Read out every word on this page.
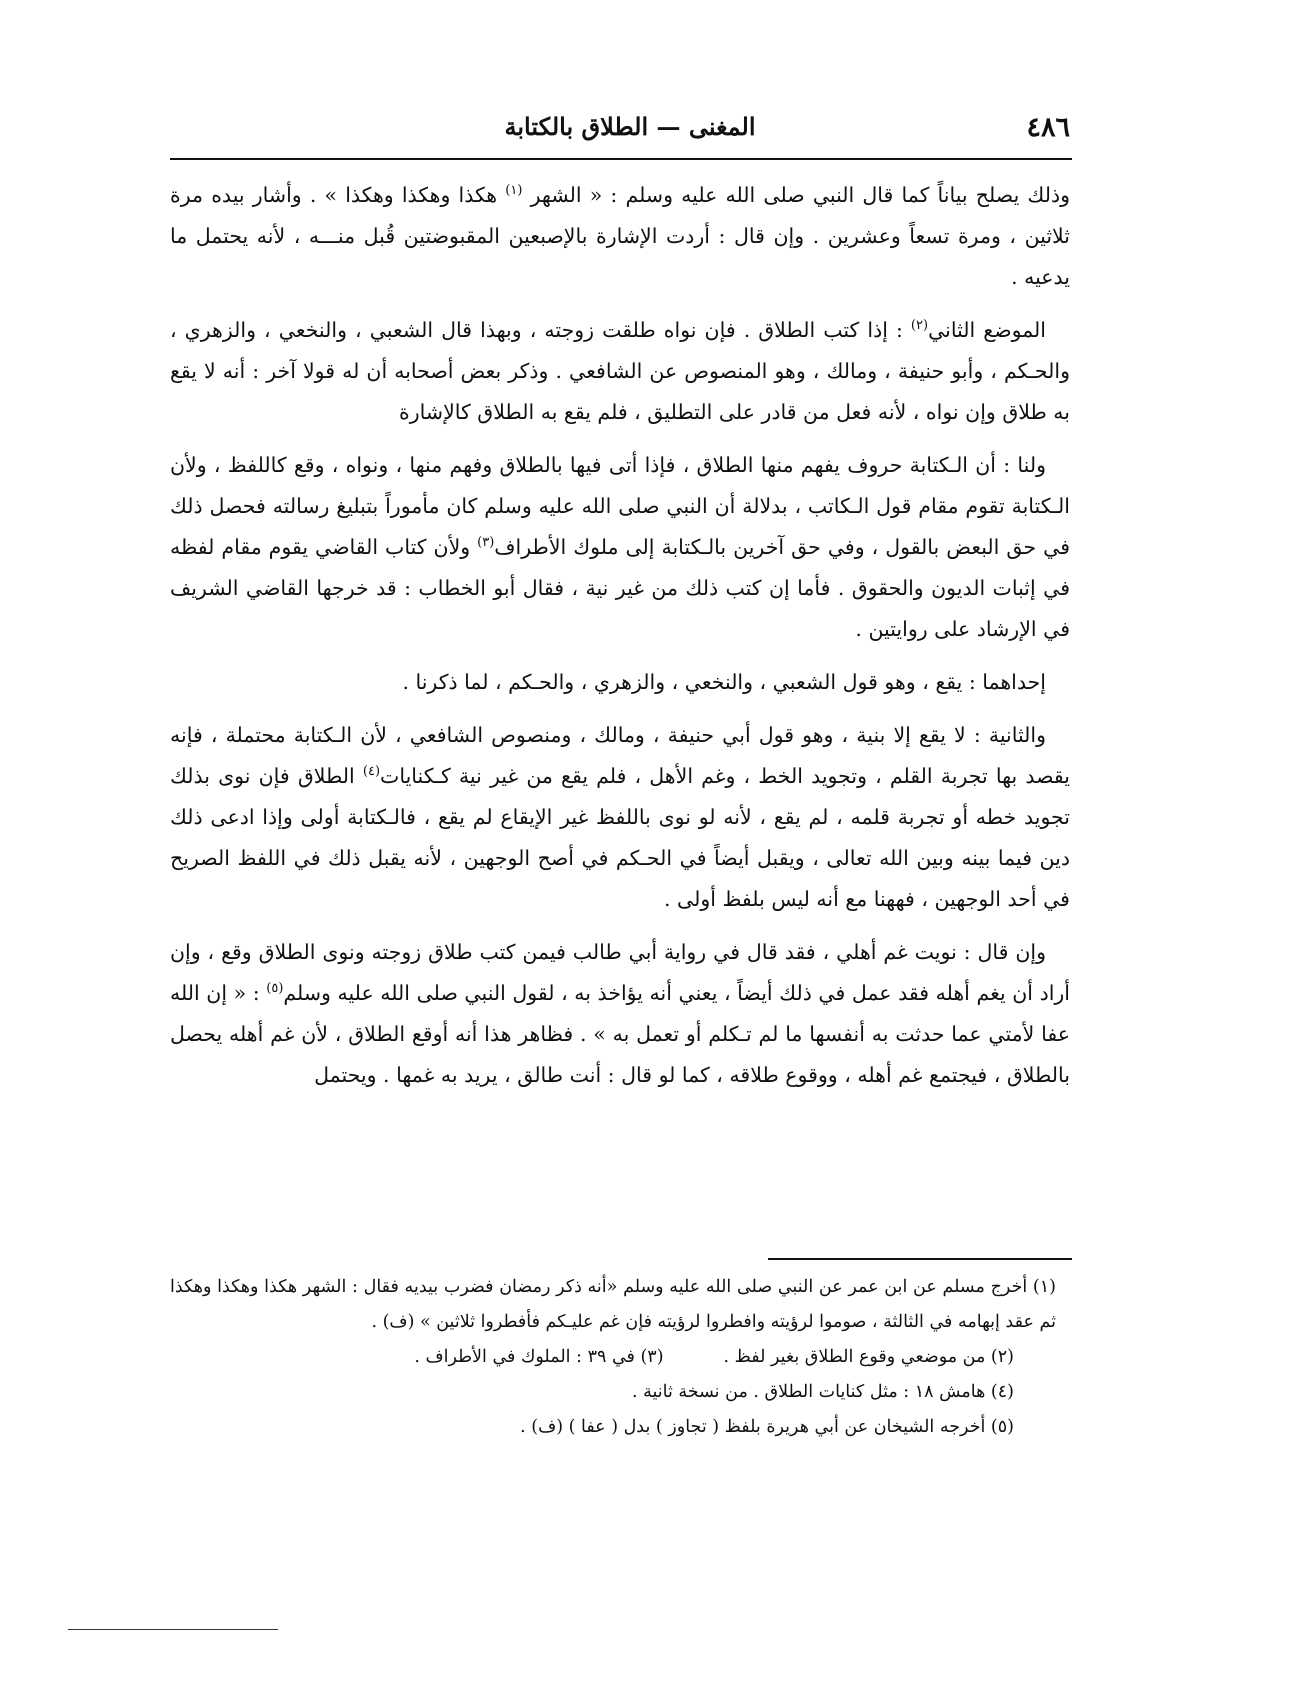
٤٨٦
المغنى — الطلاق بالكتابة

وذلك يصلح بياناً كما قال النبي صلى الله عليه وسلم : « الشهر $^{(١)}$ هكذا وهكذا وهكذا » . وأشار بيده مرة ثلاثين ، ومرة تسعاً وعشرين . وإن قال : أردت الإشارة بالإصبعين المقبوضتين قُبل منـــه ، لأنه يحتمل ما يدعيه .

الموضع الثاني$^{(٢)}$ : إذا كتب الطلاق . فإن نواه طلقت زوجته ، وبهذا قال الشعبي ، والنخعي ، والزهري ، والحـكم ، وأبو حنيفة ، ومالك ، وهو المنصوص عن الشافعي . وذكر بعض أصحابه أن له قولا آخر : أنه لا يقع به طلاق وإن نواه ، لأنه فعل من قادر على التطليق ، فلم يقع به الطلاق كالإشارة

ولنا : أن الـكتابة حروف يفهم منها الطلاق ، فإذا أتى فيها بالطلاق وفهم منها ، ونواه ، وقع كاللفظ ، ولأن الـكتابة تقوم مقام قول الـكاتب ، بدلالة أن النبي صلى الله عليه وسلم كان مأموراً بتبليغ رسالته فحصل ذلك في حق البعض بالقول ، وفي حق آخرين بالـكتابة إلى ملوك الأطراف$^{(٣)}$ ولأن كتاب القاضي يقوم مقام لفظه في إثبات الديون والحقوق . فأما إن كتب ذلك من غير نية ، فقال أبو الخطاب : قد خرجها القاضي الشريف في الإرشاد على روايتين .

إحداهما : يقع ، وهو قول الشعبي ، والنخعي ، والزهري ، والحـكم ، لما ذكرنا .

والثانية : لا يقع إلا بنية ، وهو قول أبي حنيفة ، ومالك ، ومنصوص الشافعي ، لأن الـكتابة محتملة ، فإنه يقصد بها تجربة القلم ، وتجويد الخط ، وغم الأهل ، فلم يقع من غير نية كـكنايات$^{(٤)}$ الطلاق فإن نوى بذلك تجويد خطه أو تجربة قلمه ، لم يقع ، لأنه لو نوى باللفظ غير الإيقاع لم يقع ، فالـكتابة أولى وإذا ادعى ذلك دين فيما بينه وبين الله تعالى ، ويقبل أيضاً في الحـكم في أصح الوجهين ، لأنه يقبل ذلك في اللفظ الصريح في أحد الوجهين ، فههنا مع أنه ليس بلفظ أولى .

وإن قال : نويت غم أهلي ، فقد قال في رواية أبي طالب فيمن كتب طلاق زوجته ونوى الطلاق وقع ، وإن أراد أن يغم أهله فقد عمل في ذلك أيضاً ، يعني أنه يؤاخذ به ، لقول النبي صلى الله عليه وسلم$^{(٥)}$ : « إن الله عفا لأمتي عما حدثت به أنفسها ما لم تـكلم أو تعمل به » . فظاهر هذا أنه أوقع الطلاق ، لأن غم أهله يحصل بالطلاق ، فيجتمع غم أهله ، ووقوع طلاقه ، كما لو قال : أنت طالق ، يريد به غمها . ويحتمل

(١) أخرج مسلم عن ابن عمر عن النبي صلى الله عليه وسلم «أنه ذكر رمضان فضرب بيديه فقال : الشهر هكذا وهكذا وهكذا ثم عقد إبهامه في الثالثة ، صوموا لرؤيته وافطروا لرؤيته فإن غم عليـكم فأفطروا ثلاثين » (ف) .

(٢) من موضعي وقوع الطلاق بغير لفظ .(٣) في ٣٩ : الملوك في الأطراف .

(٤) هامش ١٨ : مثل كنايات الطلاق . من نسخة ثانية .

(٥) أخرجه الشيخان عن أبي هريرة بلفظ ( تجاوز ) بدل ( عفا ) (ف) .
